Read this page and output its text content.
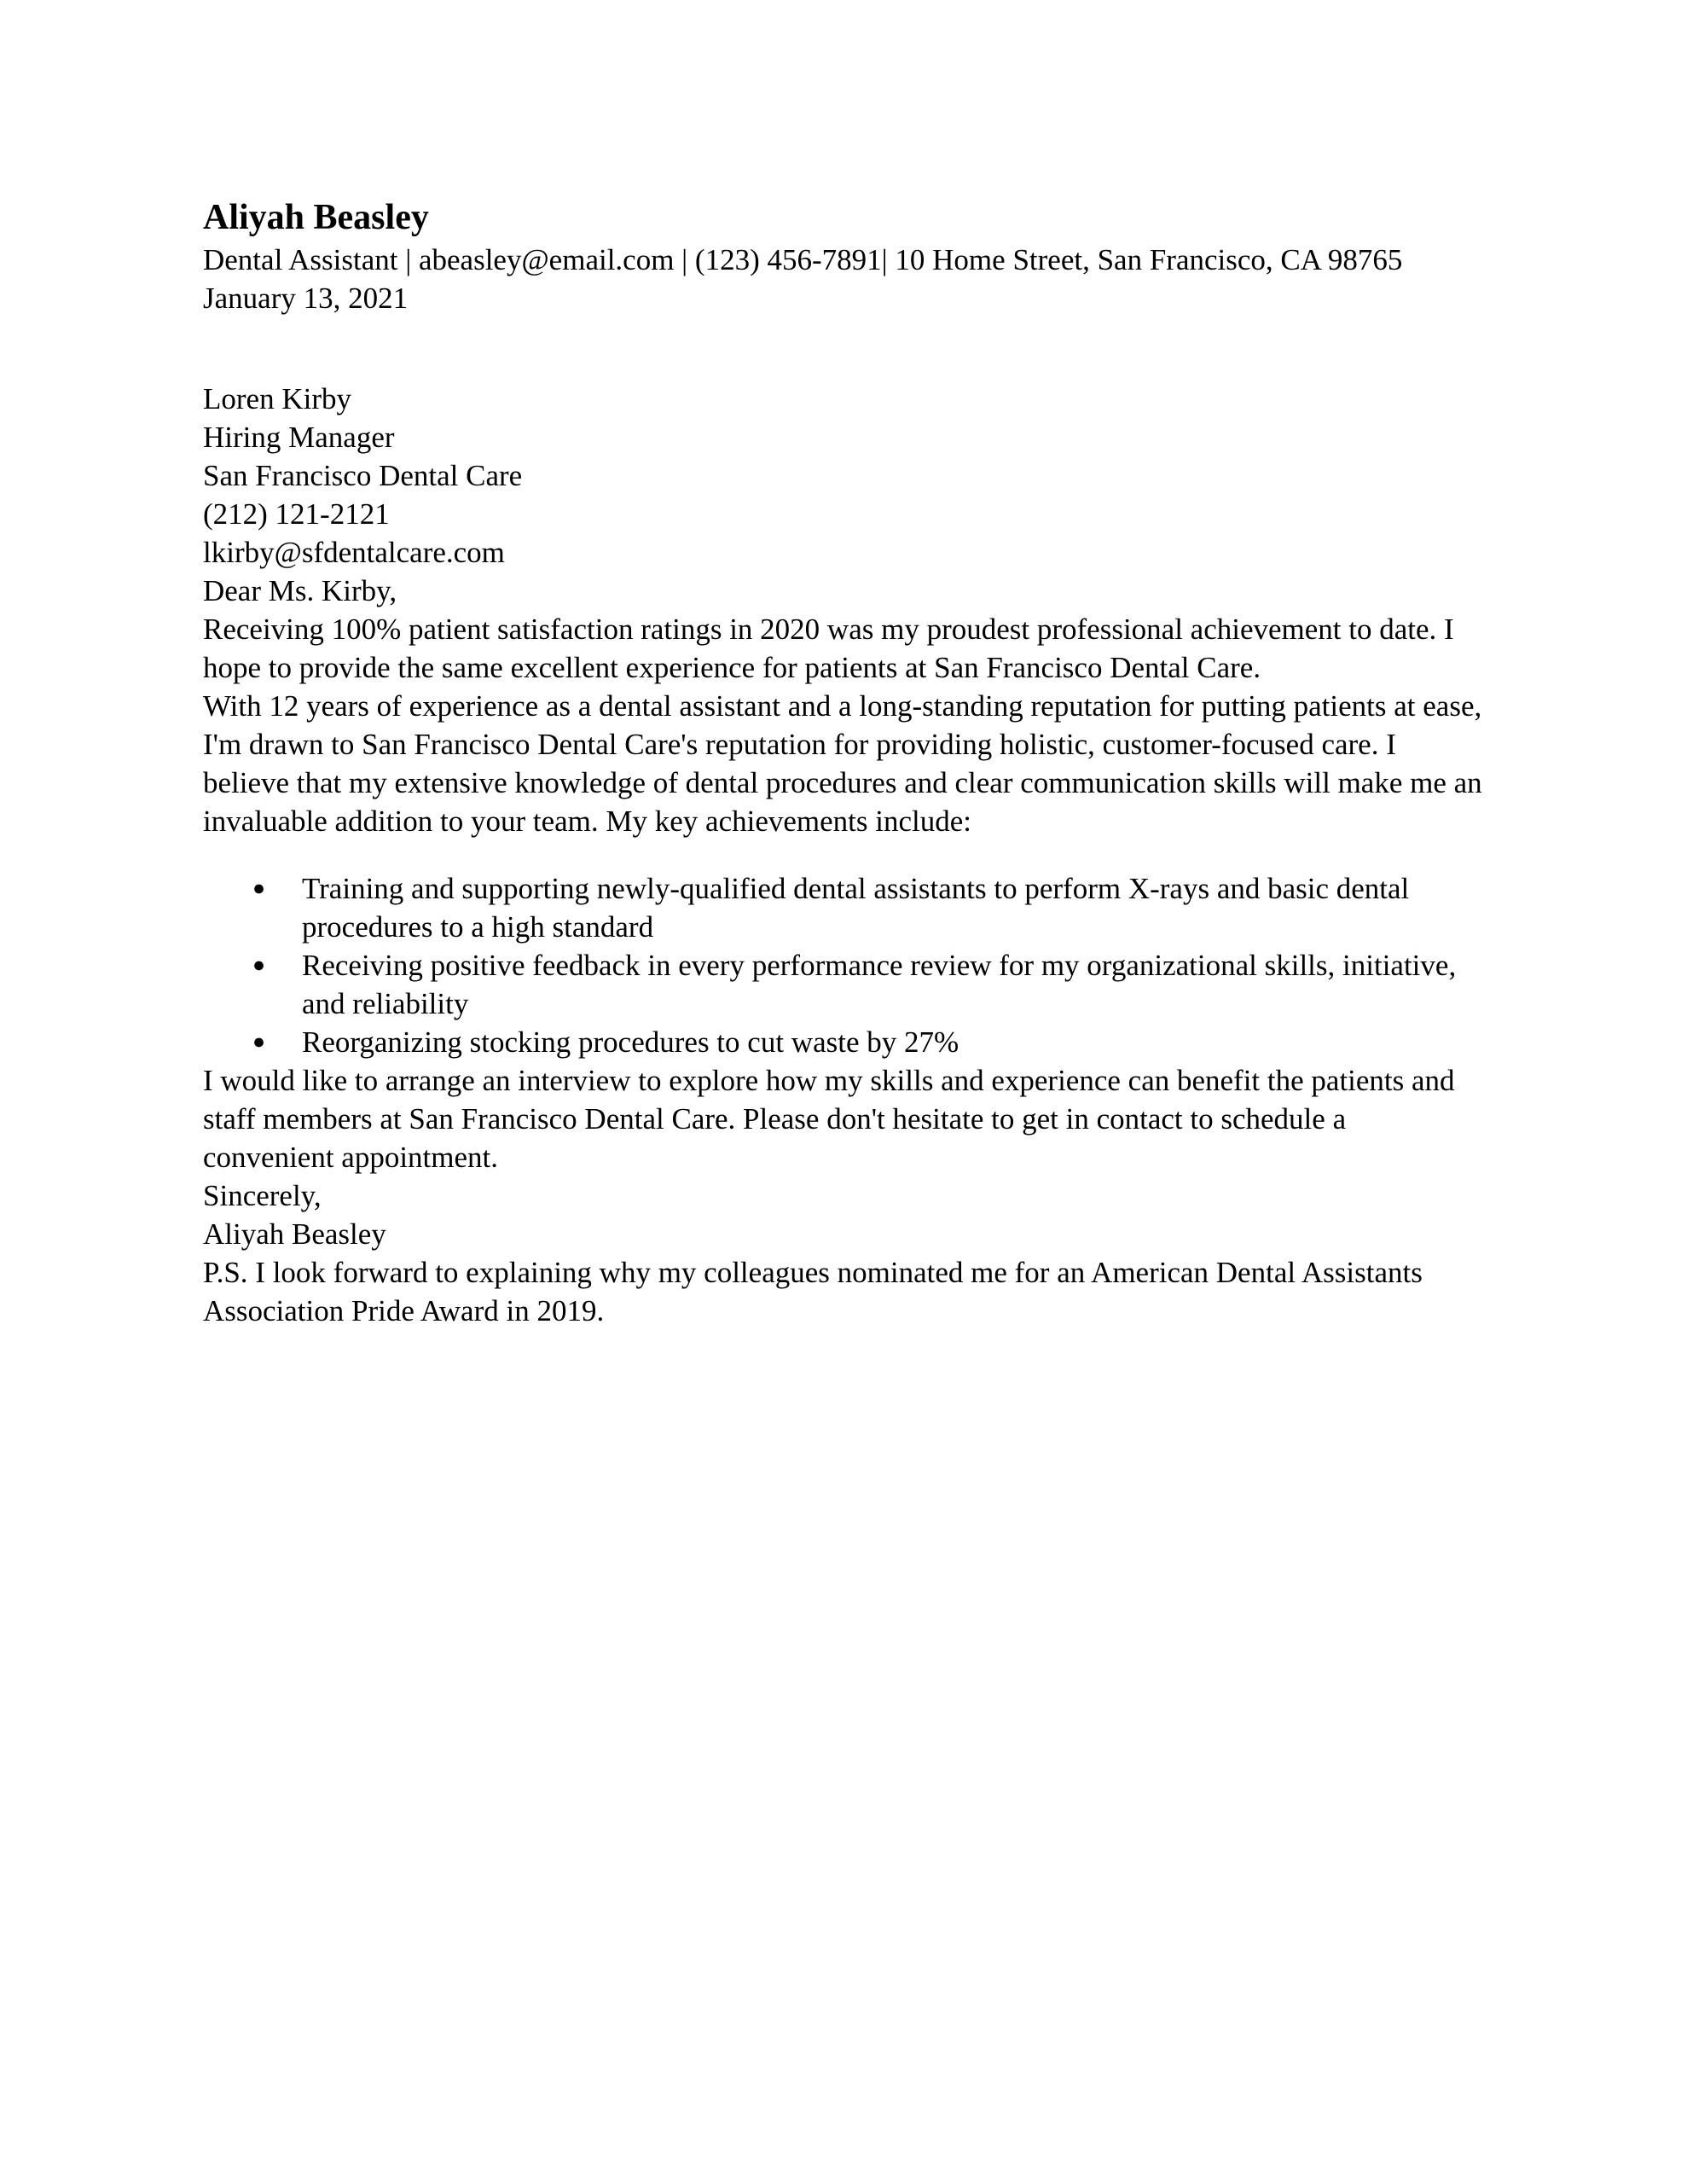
Aliyah Beasley

Dental Assistant | abeasley@email.com | (123) 456-7891| 10 Home Street, San Francisco, CA 98765

January 13, 2021

Loren Kirby

Hiring Manager

San Francisco Dental Care

(212) 121-2121

lkirby@sfdentalcare.com

Dear Ms. Kirby,

Receiving 100% patient satisfaction ratings in 2020 was my proudest professional achievement to date. I hope to provide the same excellent experience for patients at San Francisco Dental Care.

With 12 years of experience as a dental assistant and a long-standing reputation for putting patients at ease, I'm drawn to San Francisco Dental Care's reputation for providing holistic, customer-focused care. I believe that my extensive knowledge of dental procedures and clear communication skills will make me an invaluable addition to your team. My key achievements include:

● Training and supporting newly-qualified dental assistants to perform X-rays and basic dental procedures to a high standard
● Receiving positive feedback in every performance review for my organizational skills, initiative, and reliability
● Reorganizing stocking procedures to cut waste by 27%

I would like to arrange an interview to explore how my skills and experience can benefit the patients and staff members at San Francisco Dental Care. Please don't hesitate to get in contact to schedule a convenient appointment.

Sincerely,

Aliyah Beasley

P.S. I look forward to explaining why my colleagues nominated me for an American Dental Assistants Association Pride Award in 2019.
